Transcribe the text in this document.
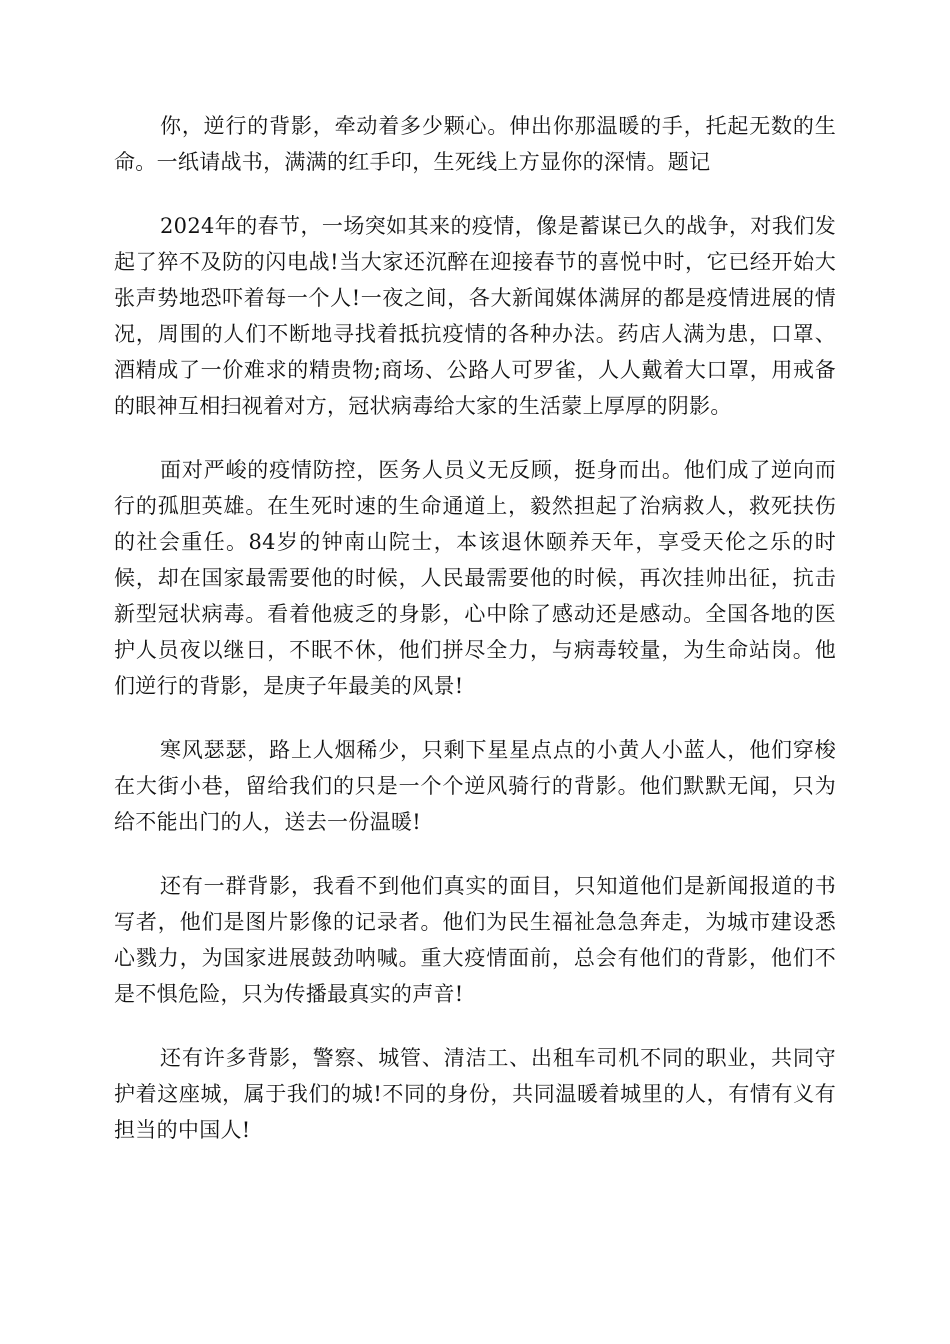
你，逆行的背影，牵动着多少颗心。伸出你那温暖的手，托起无数的生命。一纸请战书，满满的红手印，生死线上方显你的深情。题记

2024年的春节，一场突如其来的疫情，像是蓄谋已久的战争，对我们发起了猝不及防的闪电战!当大家还沉醉在迎接春节的喜悦中时，它已经开始大张声势地恐吓着每一个人!一夜之间，各大新闻媒体满屏的都是疫情进展的情况，周围的人们不断地寻找着抵抗疫情的各种办法。药店人满为患，口罩、酒精成了一价难求的精贵物;商场、公路人可罗雀，人人戴着大口罩，用戒备的眼神互相扫视着对方，冠状病毒给大家的生活蒙上厚厚的阴影。

面对严峻的疫情防控，医务人员义无反顾，挺身而出。他们成了逆向而行的孤胆英雄。在生死时速的生命通道上，毅然担起了治病救人，救死扶伤的社会重任。84岁的钟南山院士，本该退休颐养天年，享受天伦之乐的时候，却在国家最需要他的时候，人民最需要他的时候，再次挂帅出征，抗击新型冠状病毒。看着他疲乏的身影，心中除了感动还是感动。全国各地的医护人员夜以继日，不眠不休，他们拼尽全力，与病毒较量，为生命站岗。他们逆行的背影，是庚子年最美的风景!

寒风瑟瑟，路上人烟稀少，只剩下星星点点的小黄人小蓝人，他们穿梭在大街小巷，留给我们的只是一个个逆风骑行的背影。他们默默无闻，只为给不能出门的人，送去一份温暖!

还有一群背影，我看不到他们真实的面目，只知道他们是新闻报道的书写者，他们是图片影像的记录者。他们为民生福祉急急奔走，为城市建设悉心戮力，为国家进展鼓劲呐喊。重大疫情面前，总会有他们的背影，他们不是不惧危险，只为传播最真实的声音!

还有许多背影，警察、城管、清洁工、出租车司机不同的职业，共同守护着这座城，属于我们的城!不同的身份，共同温暖着城里的人，有情有义有担当的中国人!
